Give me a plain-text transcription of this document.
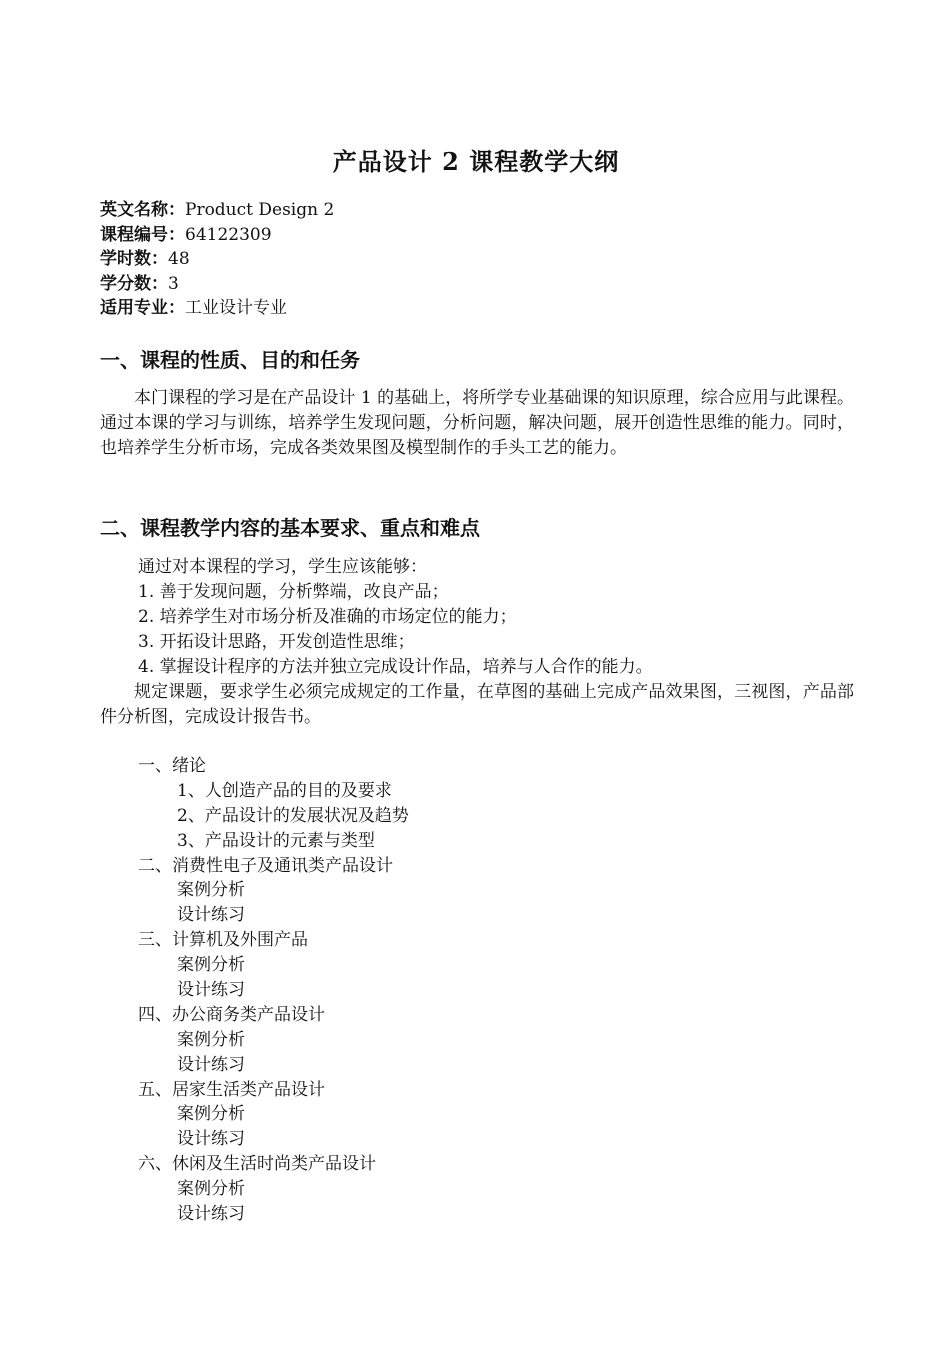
产品设计 2 课程教学大纲
英文名称：Product Design 2
课程编号：64122309
学时数：48
学分数：3
适用专业：工业设计专业
一、课程的性质、目的和任务

本门课程的学习是在产品设计 1 的基础上，将所学专业基础课的知识原理，综合应用与此课程。通过本课的学习与训练，培养学生发现问题，分析问题，解决问题，展开创造性思维的能力。同时，也培养学生分析市场，完成各类效果图及模型制作的手头工艺的能力。

二、课程教学内容的基本要求、重点和难点
通过对本课程的学习，学生应该能够：
1. 善于发现问题，分析弊端，改良产品；
2. 培养学生对市场分析及准确的市场定位的能力；
3. 开拓设计思路，开发创造性思维；
4. 掌握设计程序的方法并独立完成设计作品，培养与人合作的能力。

规定课题，要求学生必须完成规定的工作量，在草图的基础上完成产品效果图，三视图，产品部件分析图，完成设计报告书。

一、绪论
1、人创造产品的目的及要求
2、产品设计的发展状况及趋势
3、产品设计的元素与类型
二、消费性电子及通讯类产品设计
案例分析
设计练习
三、计算机及外围产品
案例分析
设计练习
四、办公商务类产品设计
案例分析
设计练习
五、居家生活类产品设计
案例分析
设计练习
六、休闲及生活时尚类产品设计
案例分析
设计练习
